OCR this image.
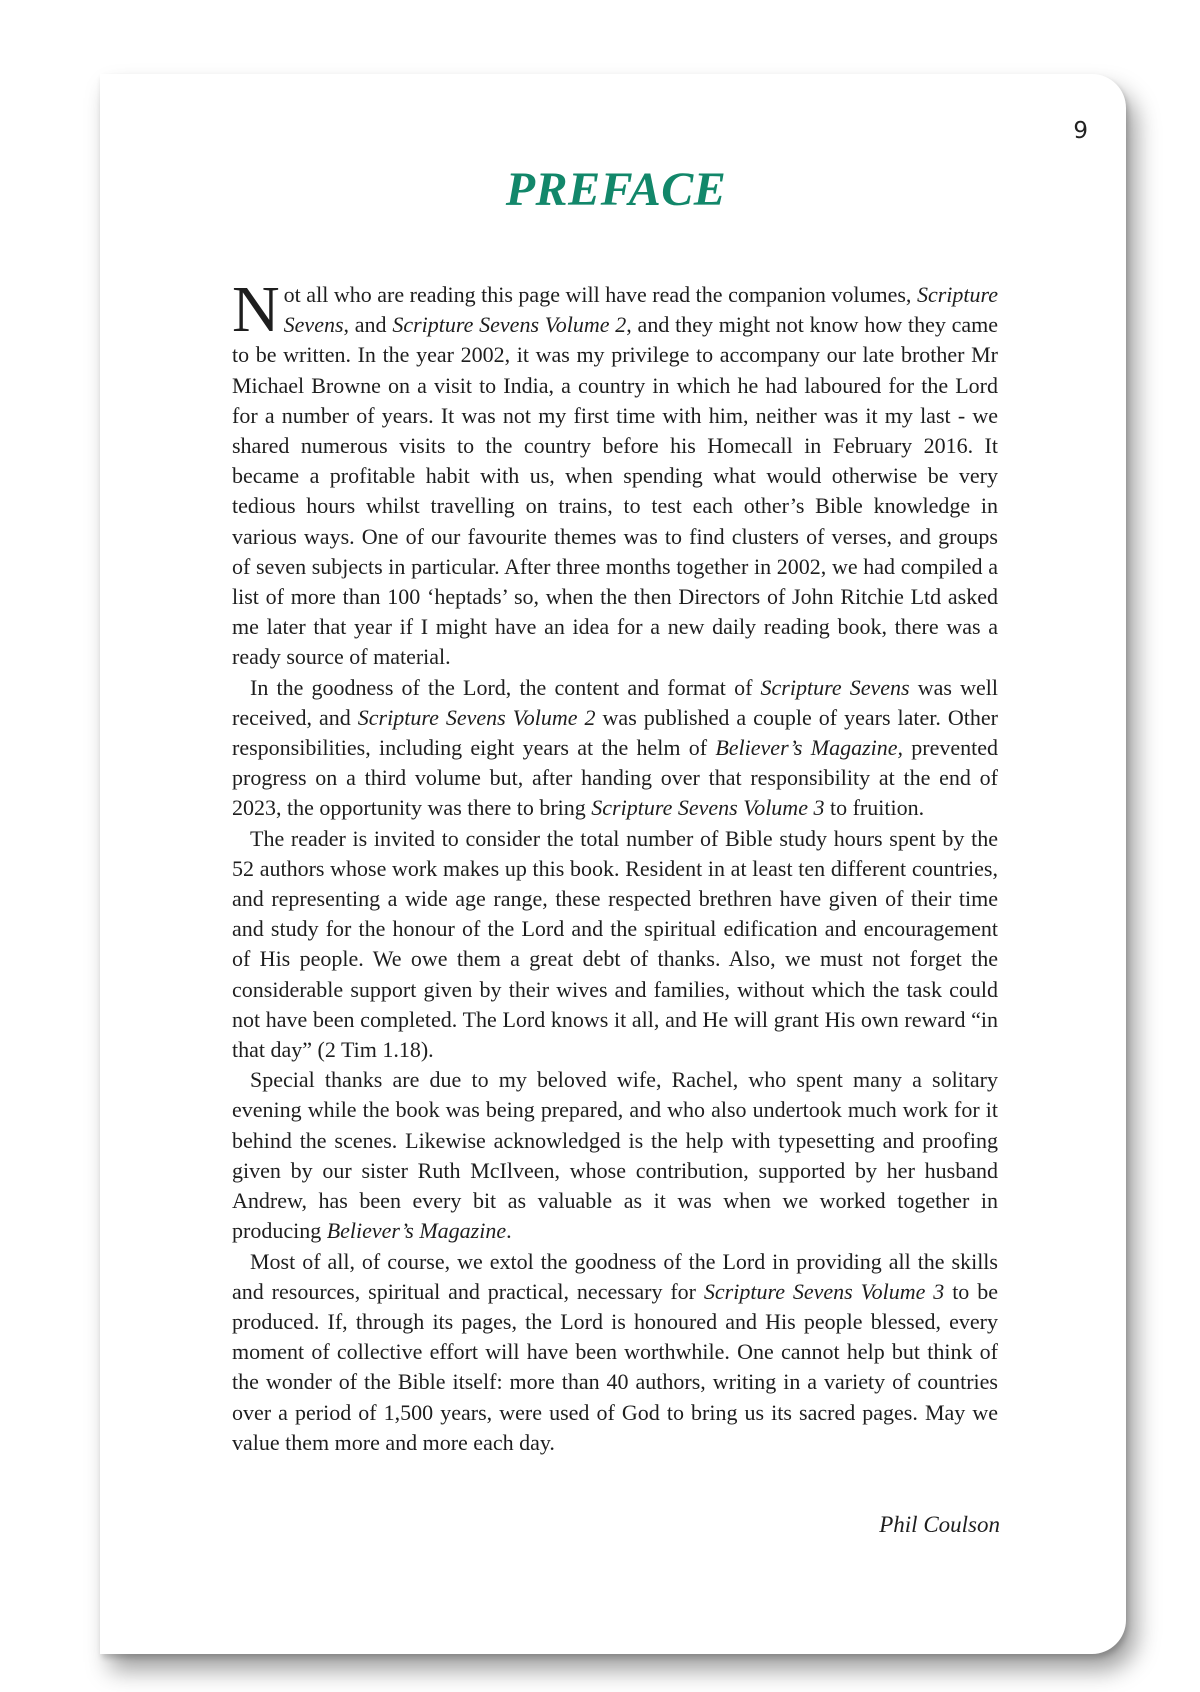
9
PREFACE

Not all who are reading this page will have read the companion volumes, Scripture Sevens, and Scripture Sevens Volume 2, and they might not know how they came to be written. In the year 2002, it was my privilege to accompany our late brother Mr Michael Browne on a visit to India, a country in which he had laboured for the Lord for a number of years. It was not my first time with him, neither was it my last - we shared numerous visits to the country before his Homecall in February 2016. It became a profitable habit with us, when spending what would otherwise be very tedious hours whilst travelling on trains, to test each other’s Bible knowledge in various ways. One of our favourite themes was to find clusters of verses, and groups of seven subjects in particular. After three months together in 2002, we had compiled a list of more than 100 ‘heptads’ so, when the then Directors of John Ritchie Ltd asked me later that year if I might have an idea for a new daily reading book, there was a ready source of material.

In the goodness of the Lord, the content and format of Scripture Sevens was well received, and Scripture Sevens Volume 2 was published a couple of years later. Other responsibilities, including eight years at the helm of Believer’s Magazine, prevented progress on a third volume but, after handing over that responsibility at the end of 2023, the opportunity was there to bring Scripture Sevens Volume 3 to fruition.

The reader is invited to consider the total number of Bible study hours spent by the 52 authors whose work makes up this book. Resident in at least ten different countries, and representing a wide age range, these respected brethren have given of their time and study for the honour of the Lord and the spiritual edification and encouragement of His people. We owe them a great debt of thanks. Also, we must not forget the considerable support given by their wives and families, without which the task could not have been completed. The Lord knows it all, and He will grant His own reward “in that day” (2 Tim 1.18).

Special thanks are due to my beloved wife, Rachel, who spent many a solitary evening while the book was being prepared, and who also undertook much work for it behind the scenes. Likewise acknowledged is the help with typesetting and proofing given by our sister Ruth McIlveen, whose contribution, supported by her husband Andrew, has been every bit as valuable as it was when we worked together in producing Believer’s Magazine.

Most of all, of course, we extol the goodness of the Lord in providing all the skills and resources, spiritual and practical, necessary for Scripture Sevens Volume 3 to be produced. If, through its pages, the Lord is honoured and His people blessed, every moment of collective effort will have been worthwhile. One cannot help but think of the wonder of the Bible itself: more than 40 authors, writing in a variety of countries over a period of 1,500 years, were used of God to bring us its sacred pages. May we value them more and more each day.

Phil Coulson
